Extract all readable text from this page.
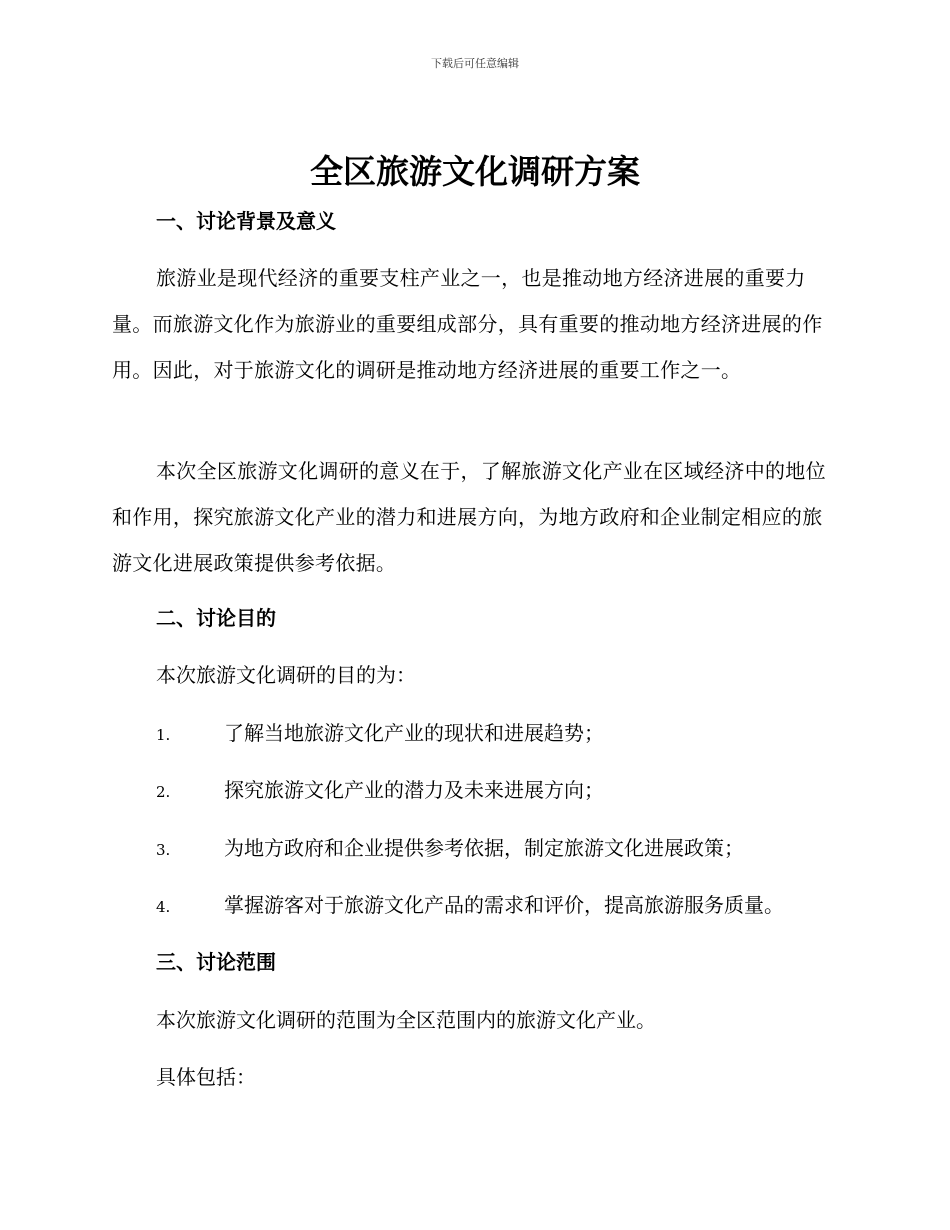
下载后可任意编辑
全区旅游文化调研方案
一、讨论背景及意义

旅游业是现代经济的重要支柱产业之一，也是推动地方经济进展的重要力量。而旅游文化作为旅游业的重要组成部分，具有重要的推动地方经济进展的作用。因此，对于旅游文化的调研是推动地方经济进展的重要工作之一。

本次全区旅游文化调研的意义在于，了解旅游文化产业在区域经济中的地位和作用，探究旅游文化产业的潜力和进展方向，为地方政府和企业制定相应的旅游文化进展政策提供参考依据。

二、讨论目的

本次旅游文化调研的目的为：

1.	了解当地旅游文化产业的现状和进展趋势；
2.	探究旅游文化产业的潜力及未来进展方向；
3.	为地方政府和企业提供参考依据，制定旅游文化进展政策；
4.	掌握游客对于旅游文化产品的需求和评价，提高旅游服务质量。
三、讨论范围

本次旅游文化调研的范围为全区范围内的旅游文化产业。

具体包括：
